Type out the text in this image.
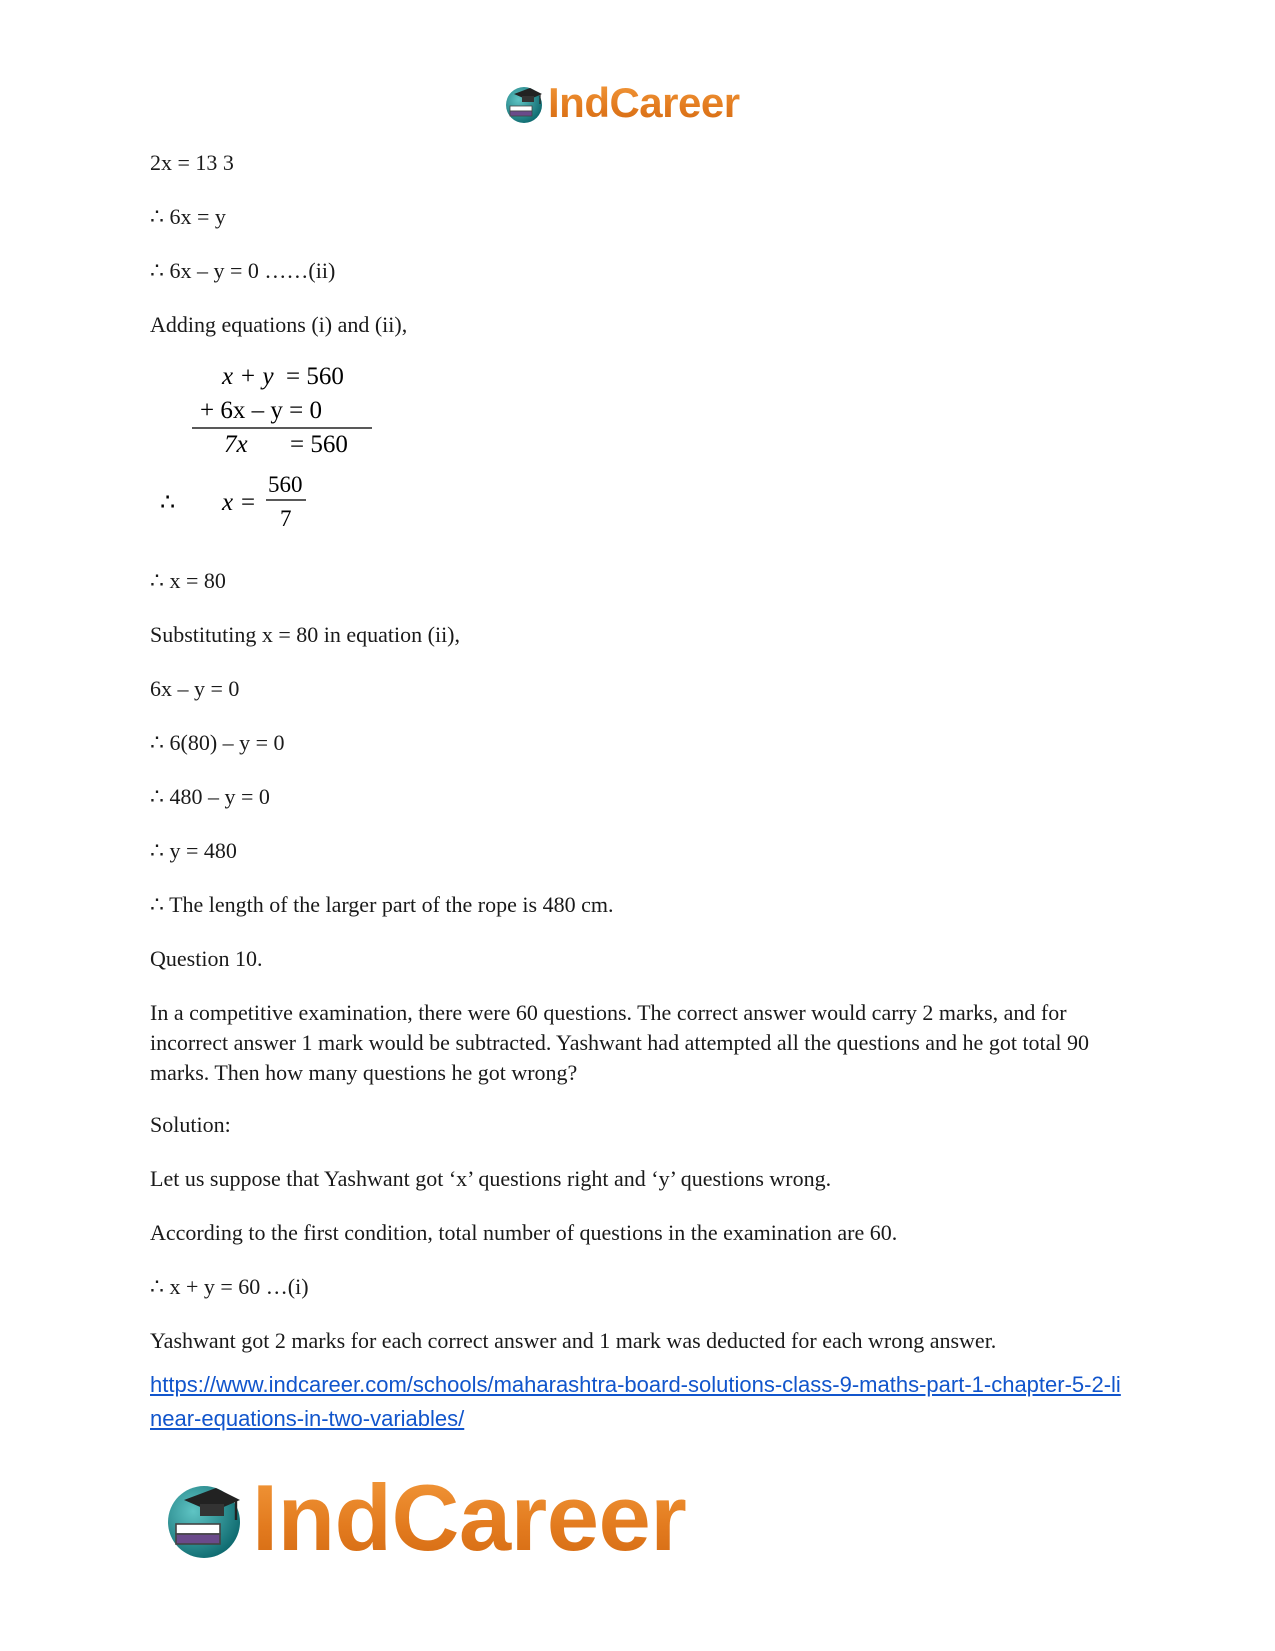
IndCareer
2x = 13 3
∴ 6x = y
∴ 6x – y = 0 ……(ii)
Adding equations (i) and (ii),
x + y = 560
+ 6x – y = 0
7x = 560
∴ x =
560
7
∴ x = 80
Substituting x = 80 in equation (ii),
6x – y = 0
∴ 6(80) – y = 0
∴ 480 – y = 0
∴ y = 480
∴ The length of the larger part of the rope is 480 cm.
Question 10.
In a competitive examination, there were 60 questions. The correct answer would carry 2 marks, and for incorrect answer 1 mark would be subtracted. Yashwant had attempted all the questions and he got total 90 marks. Then how many questions he got wrong?
Solution:
Let us suppose that Yashwant got ‘x’ questions right and ‘y’ questions wrong.
According to the first condition, total number of questions in the examination are 60.
∴ x + y = 60 …(i)
Yashwant got 2 marks for each correct answer and 1 mark was deducted for each wrong answer.
https://www.indcareer.com/schools/maharashtra-board-solutions-class-9-maths-part-1-chapter-5-2-linear-equations-in-two-variables/
IndCareer
